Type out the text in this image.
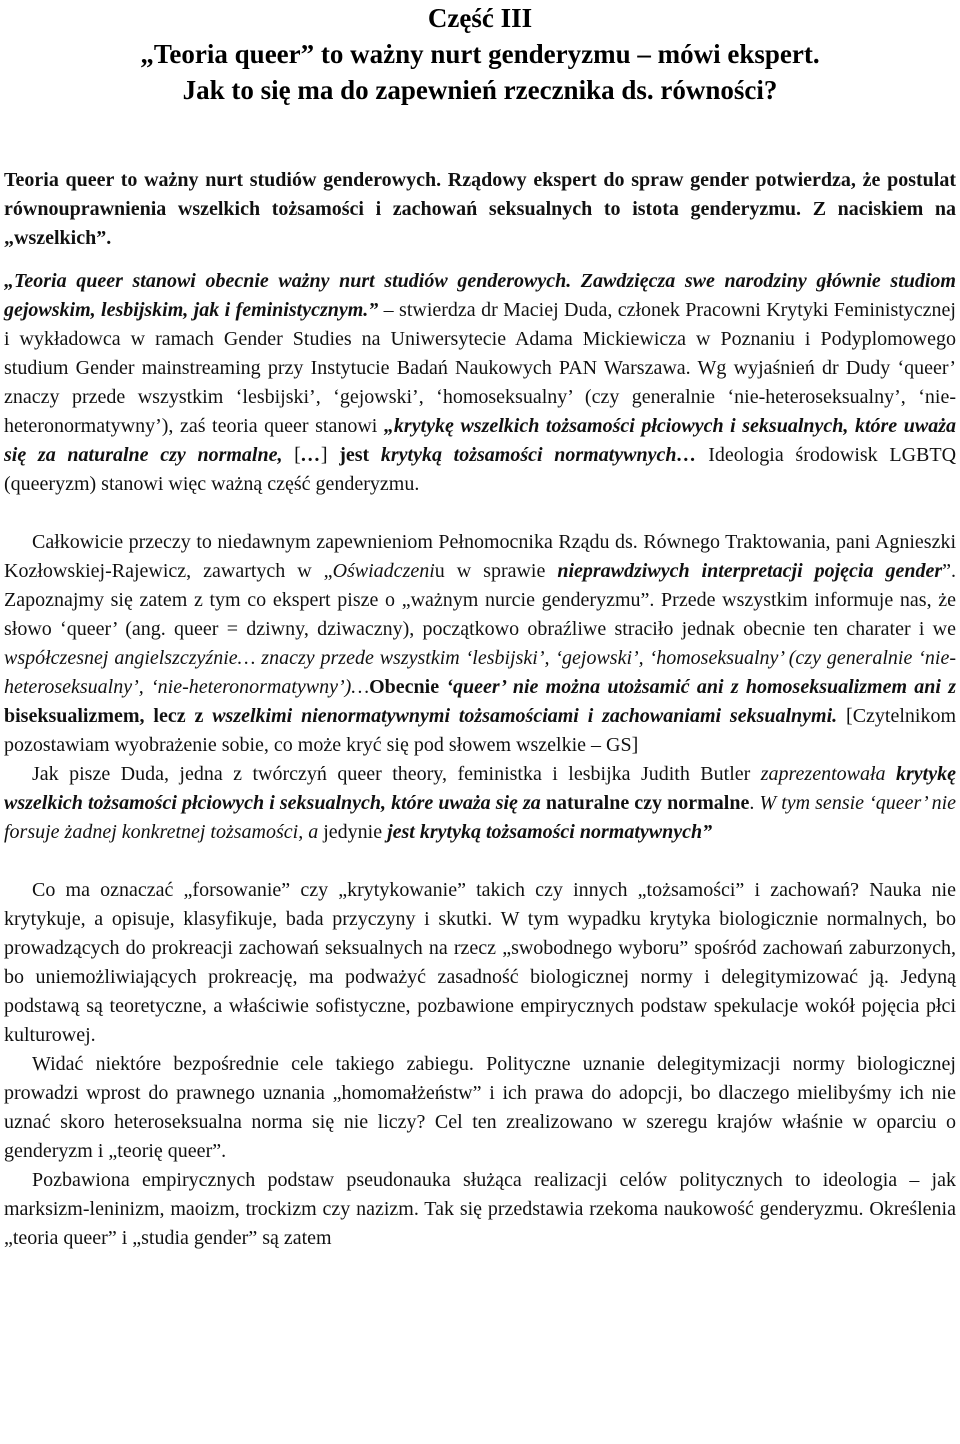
Część III
„Teoria queer” to ważny nurt genderyzmu – mówi ekspert.
Jak to się ma do zapewnień rzecznika ds. równości?

Teoria queer to ważny nurt studiów genderowych. Rządowy ekspert do spraw gender potwierdza, że postulat równouprawnienia wszelkich tożsamości i zachowań seksualnych to istota genderyzmu. Z naciskiem na „wszelkich”.

„Teoria queer stanowi obecnie ważny nurt studiów genderowych. Zawdzięcza swe narodziny głównie studiom gejowskim, lesbijskim, jak i feministycznym.” – stwierdza dr Maciej Duda, członek Pracowni Krytyki Feministycznej i wykładowca w ramach Gender Studies na Uniwersytecie Adama Mickiewicza w Poznaniu i Podyplomowego studium Gender mainstreaming przy Instytucie Badań Naukowych PAN Warszawa. Wg wyjaśnień dr Dudy ‘queer’ znaczy przede wszystkim ‘lesbijski’, ‘gejowski’, ‘homoseksualny’ (czy generalnie ‘nie-heteroseksualny’, ‘nie-heteronormatywny’), zaś teoria queer stanowi „krytykę wszelkich tożsamości płciowych i seksualnych, które uważa się za naturalne czy normalne, […] jest krytyką tożsamości normatywnych… Ideologia środowisk LGBTQ (queeryzm) stanowi więc ważną część genderyzmu.

Całkowicie przeczy to niedawnym zapewnieniom Pełnomocnika Rządu ds. Równego Traktowania, pani Agnieszki Kozłowskiej-Rajewicz, zawartych w „Oświadczeniu w sprawie nieprawdziwych interpretacji pojęcia gender”. Zapoznajmy się zatem z tym co ekspert pisze o „ważnym nurcie genderyzmu”. Przede wszystkim informuje nas, że słowo ‘queer’ (ang. queer = dziwny, dziwaczny), początkowo obraźliwe straciło jednak obecnie ten charater i we współczesnej angielszczyźnie… znaczy przede wszystkim ‘lesbijski’, ‘gejowski’, ‘homoseksualny’ (czy generalnie ‘nie-heteroseksualny’, ‘nie-heteronormatywny’)…Obecnie ‘queer’ nie można utożsamić ani z homoseksualizmem ani z biseksualizmem, lecz z wszelkimi nienormatywnymi tożsamościami i zachowaniami seksualnymi. [Czytelnikom pozostawiam wyobrażenie sobie, co może kryć się pod słowem wszelkie – GS]

Jak pisze Duda, jedna z twórczyń queer theory, feministka i lesbijka Judith Butler zaprezentowała krytykę wszelkich tożsamości płciowych i seksualnych, które uważa się za naturalne czy normalne. W tym sensie ‘queer’ nie forsuje żadnej konkretnej tożsamości, a jedynie jest krytyką tożsamości normatywnych”

Co ma oznaczać „forsowanie” czy „krytykowanie” takich czy innych „tożsamości” i zachowań? Nauka nie krytykuje, a opisuje, klasyfikuje, bada przyczyny i skutki. W tym wypadku krytyka biologicznie normalnych, bo prowadzących do prokreacji zachowań seksualnych na rzecz „swobodnego wyboru” spośród zachowań zaburzonych, bo uniemożliwiających prokreację, ma podważyć zasadność biologicznej normy i delegitymizować ją. Jedyną podstawą są teoretyczne, a właściwie sofistyczne, pozbawione empirycznych podstaw spekulacje wokół pojęcia płci kulturowej.

Widać niektóre bezpośrednie cele takiego zabiegu. Polityczne uznanie delegitymizacji normy biologicznej prowadzi wprost do prawnego uznania „homomałżeństw” i ich prawa do adopcji, bo dlaczego mielibyśmy ich nie uznać skoro heteroseksualna norma się nie liczy? Cel ten zrealizowano w szeregu krajów właśnie w oparciu o genderyzm i „teorię queer”.

Pozbawiona empirycznych podstaw pseudonauka służąca realizacji celów politycznych to ideologia – jak marksizm-leninizm, maoizm, trockizm czy nazizm. Tak się przedstawia rzekoma naukowość genderyzmu. Określenia „teoria queer” i „studia gender” są zatem
